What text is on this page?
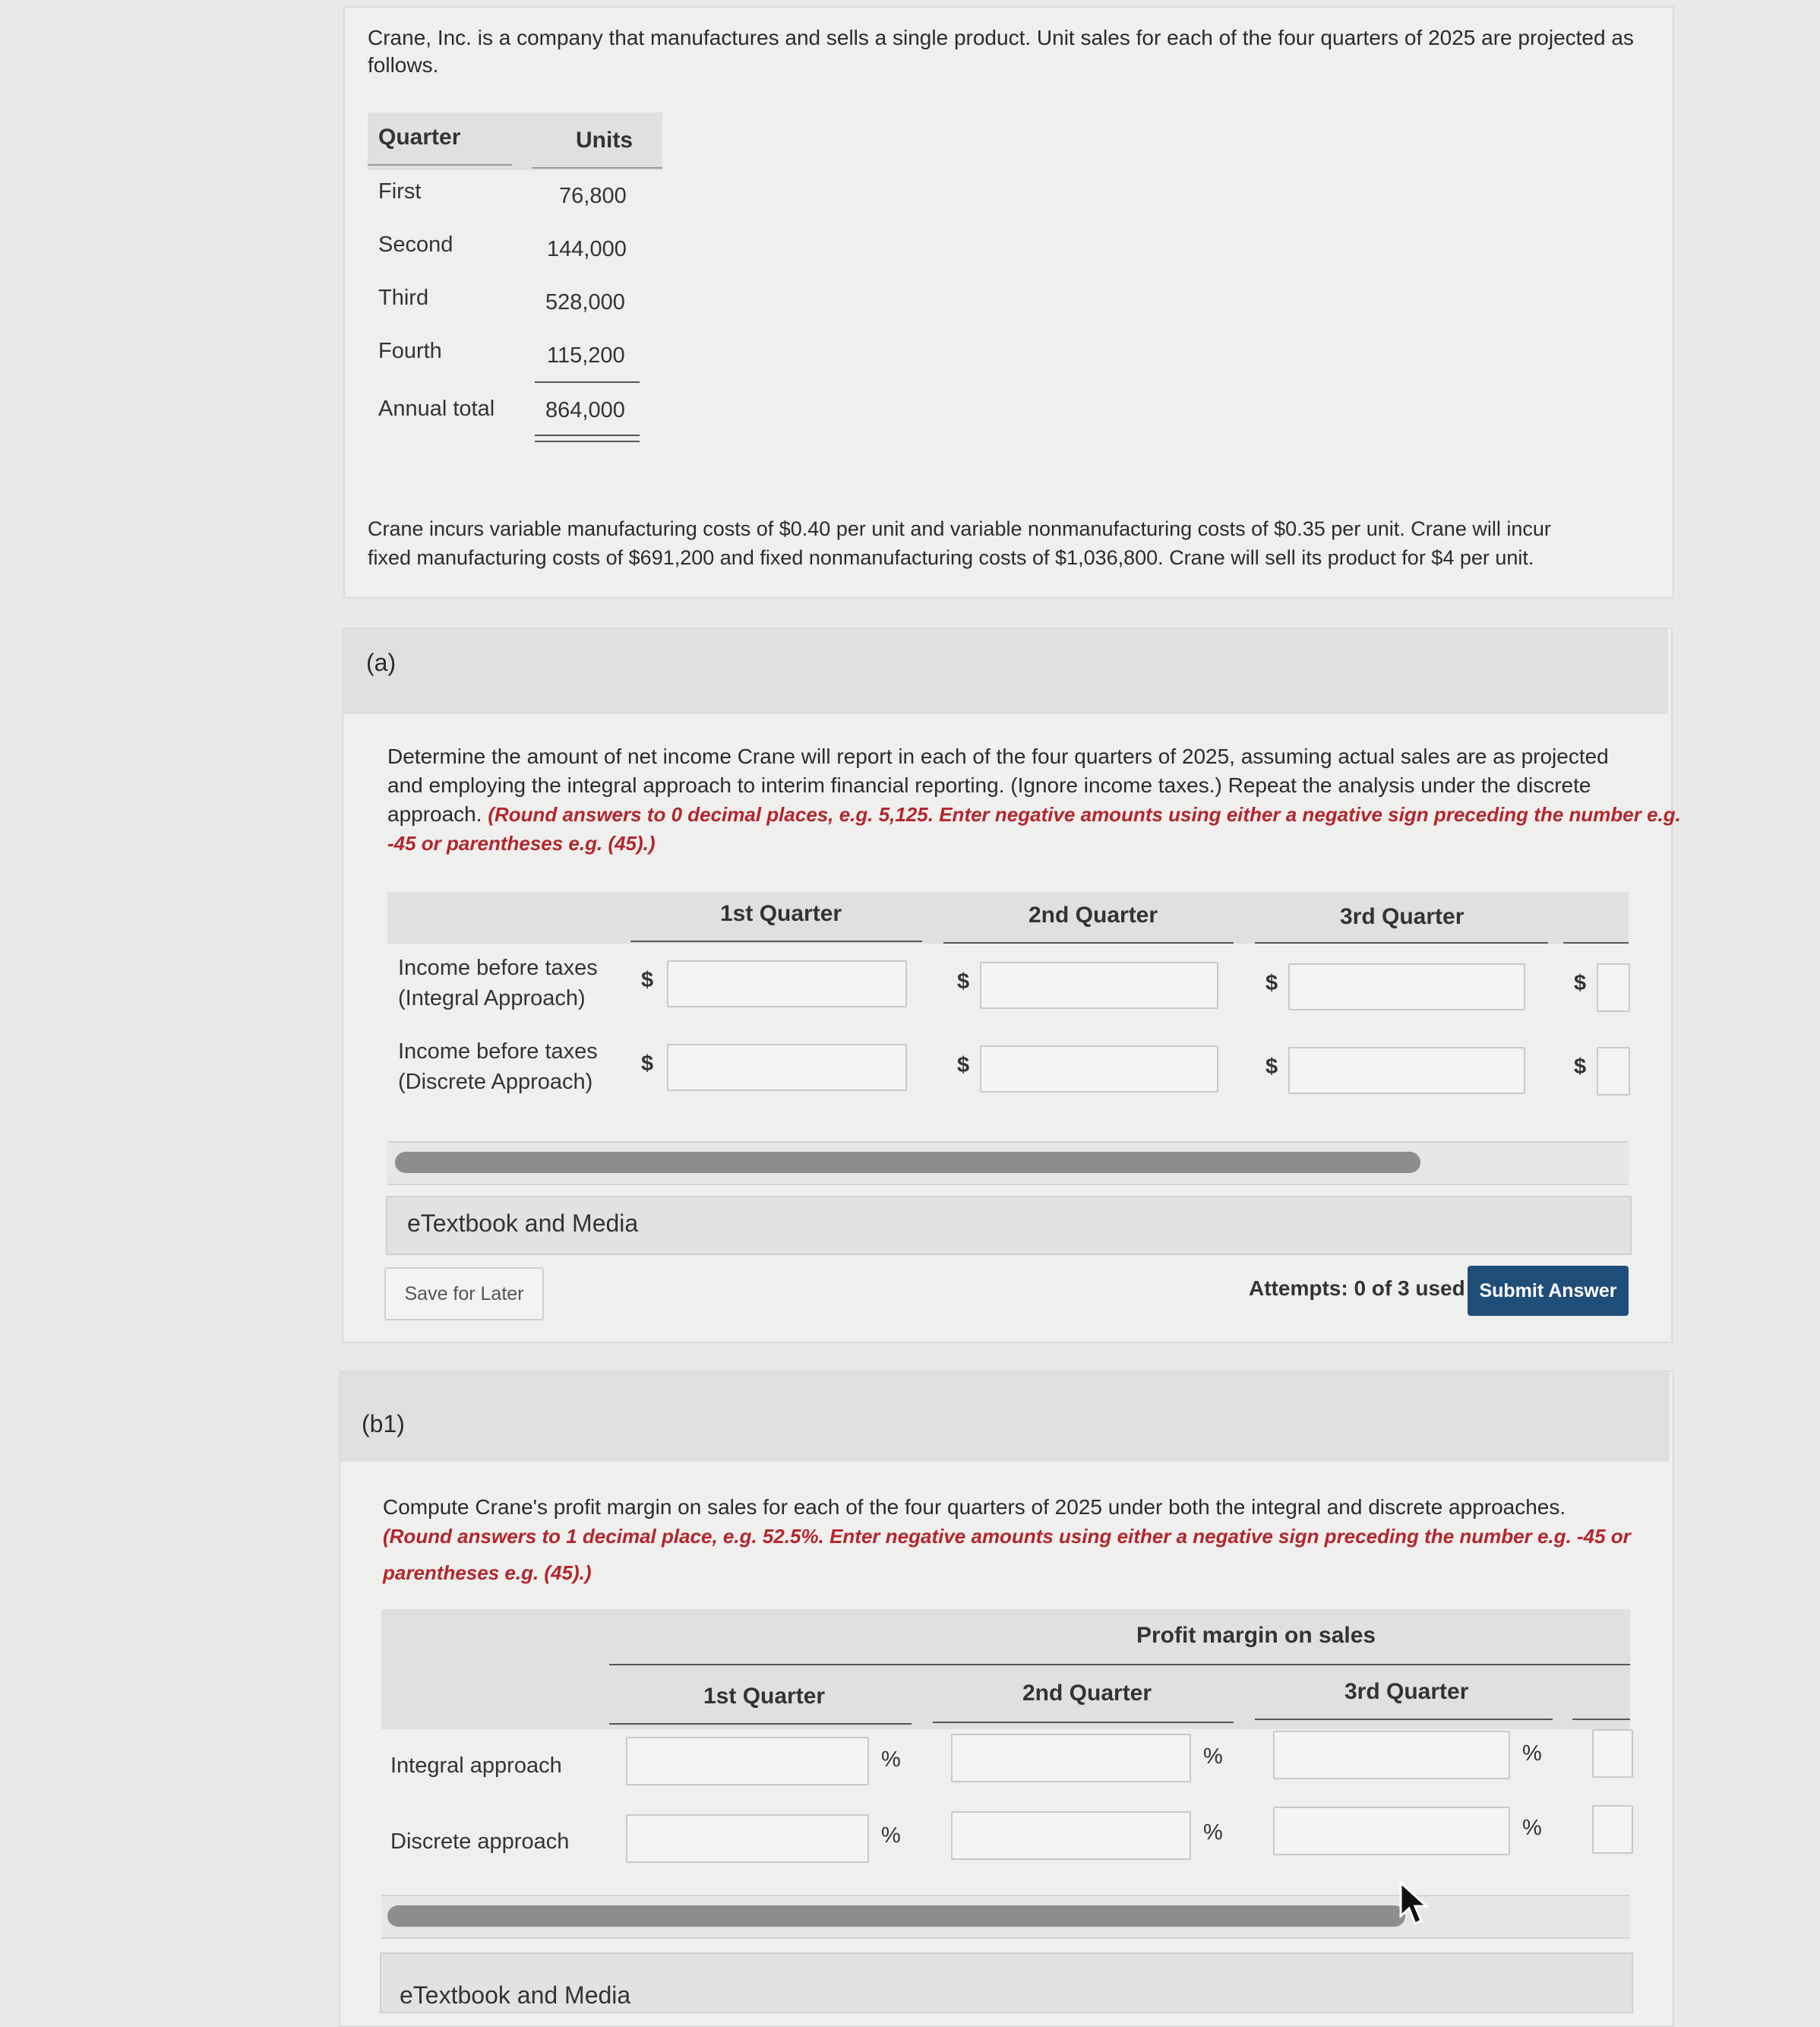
Crane, Inc. is a company that manufactures and sells a single product. Unit sales for each of the four quarters of 2025 are projected as
follows.
Quarter	Units
First	76,800
Second	144,000
Third	528,000
Fourth	115,200
Annual total 864,000
Crane incurs variable manufacturing costs of $0.40 per unit and variable nonmanufacturing costs of $0.35 per unit. Crane will incur
fixed manufacturing costs of $691,200 and fixed nonmanufacturing costs of $1,036,800. Crane will sell its product for $4 per unit.
(a)
Determine the amount of net income Crane will report in each of the four quarters of 2025, assuming actual sales are as projected
and employing the integral approach to interim financial reporting. (Ignore income taxes.) Repeat the analysis under the discrete
approach. (Round answers to 0 decimal places, e.g. 5,125. Enter negative amounts using either a negative sign preceding the number e.g.
-45 or parentheses e.g. (45).)
1st Quarter	2nd Quarter	3rd Quarter
Income before taxes
(Integral Approach)
$	$	$	$
Income before taxes
(Discrete Approach)
$	$	$	$
eTextbook and Media
Save for Later	Attempts: 0 of 3 used Submit Answer
(b1)
Compute Crane's profit margin on sales for each of the four quarters of 2025 under both the integral and discrete approaches.
(Round answers to 1 decimal place, e.g. 52.5%. Enter negative amounts using either a negative sign preceding the number e.g. -45 or
parentheses e.g. (45).)
Profit margin on sales
1st Quarter	2nd Quarter	3rd Quarter
Integral approach	%	%	%
Discrete approach	%	%	%
eTextbook and Media
